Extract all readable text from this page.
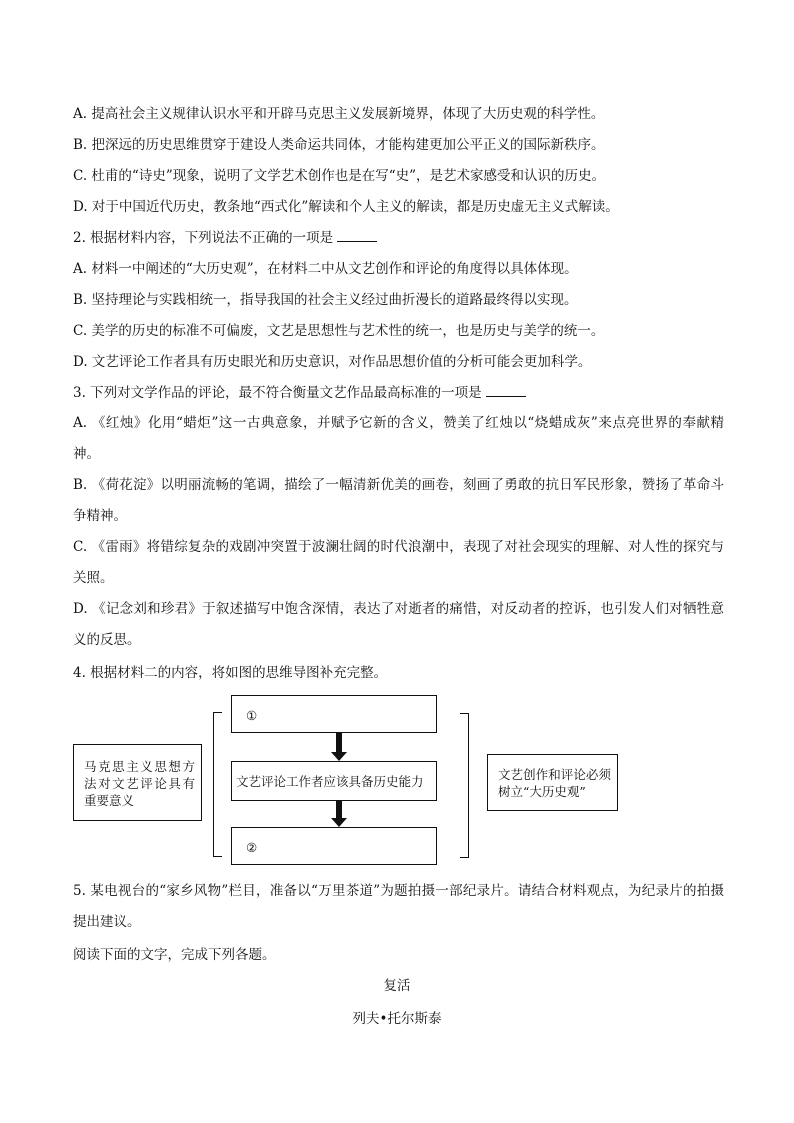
A. 提高社会主义规律认识水平和开辟马克思主义发展新境界，体现了大历史观的科学性。
B. 把深远的历史思维贯穿于建设人类命运共同体，才能构建更加公平正义的国际新秩序。
C. 杜甫的“诗史”现象，说明了文学艺术创作也是在写“史”，是艺术家感受和认识的历史。
D. 对于中国近代历史，教条地“西式化”解读和个人主义的解读，都是历史虚无主义式解读。
2. 根据材料内容，下列说法不正确的一项是
A. 材料一中阐述的“大历史观”，在材料二中从文艺创作和评论的角度得以具体体现。
B. 坚持理论与实践相统一，指导我国的社会主义经过曲折漫长的道路最终得以实现。
C. 美学的历史的标准不可偏废，文艺是思想性与艺术性的统一，也是历史与美学的统一。
D. 文艺评论工作者具有历史眼光和历史意识，对作品思想价值的分析可能会更加科学。
3. 下列对文学作品的评论，最不符合衡量文艺作品最高标准的一项是
A. 《红烛》化用“蜡炬”这一古典意象，并赋予它新的含义，赞美了红烛以“烧蜡成灰”来点亮世界的奉献精神。
B. 《荷花淀》以明丽流畅的笔调，描绘了一幅清新优美的画卷，刻画了勇敢的抗日军民形象，赞扬了革命斗争精神。
C. 《雷雨》将错综复杂的戏剧冲突置于波澜壮阔的时代浪潮中，表现了对社会现实的理解、对人性的探究与关照。
D. 《记念刘和珍君》于叙述描写中饱含深情，表达了对逝者的痛惜，对反动者的控诉，也引发人们对牺牲意义的反思。
4. 根据材料二的内容，将如图的思维导图补充完整。
马克思主义思想方法对文艺评论具有重要意义
①
文艺评论工作者应该具备历史能力
②
文艺创作和评论必须树立“大历史观”
5. 某电视台的“家乡风物”栏目，准备以“万里茶道”为题拍摄一部纪录片。请结合材料观点，为纪录片的拍摄提出建议。
阅读下面的文字，完成下列各题。
复活
列夫•托尔斯泰
